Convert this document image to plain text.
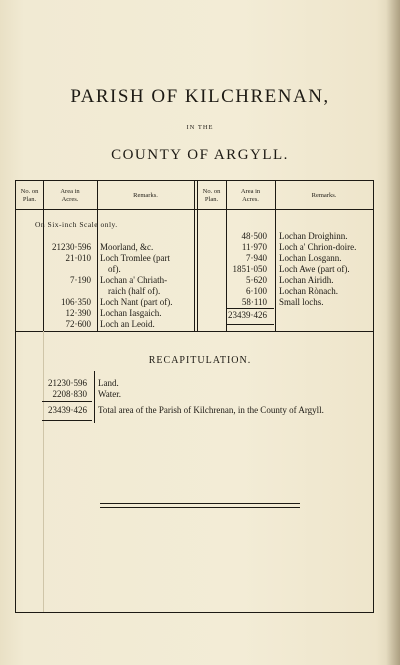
PARISH OF KILCHRENAN,
IN THE
COUNTY OF ARGYLL.
No. on
Plan.
Area in
Acres.
Remarks.
No. on
Plan.
Area in
Acres.
Remarks.
On Six-inch Scale only.
21230·596 Moorland, &c.
21·010 Loch Tromlee (part
of).
7·190 Lochan a' Chriath-
raich (half of).
106·350 Loch Nant (part of).
12·390 Lochan Iasgaich.
72·600 Loch an Leoid.
48·500 Lochan Droighinn.
11·970 Loch a' Chrion-doire.
7·940 Lochan Losgann.
1851·050 Loch Awe (part of).
5·620 Lochan Airidh.
6·100 Lochan Rònach.
58·110 Small lochs.
23439·426
21230·596 Land.
2208·830 Water.
23439·426 Total area of the Parish of Kilchrenan, in the County of Argyll.
RECAPITULATION.
